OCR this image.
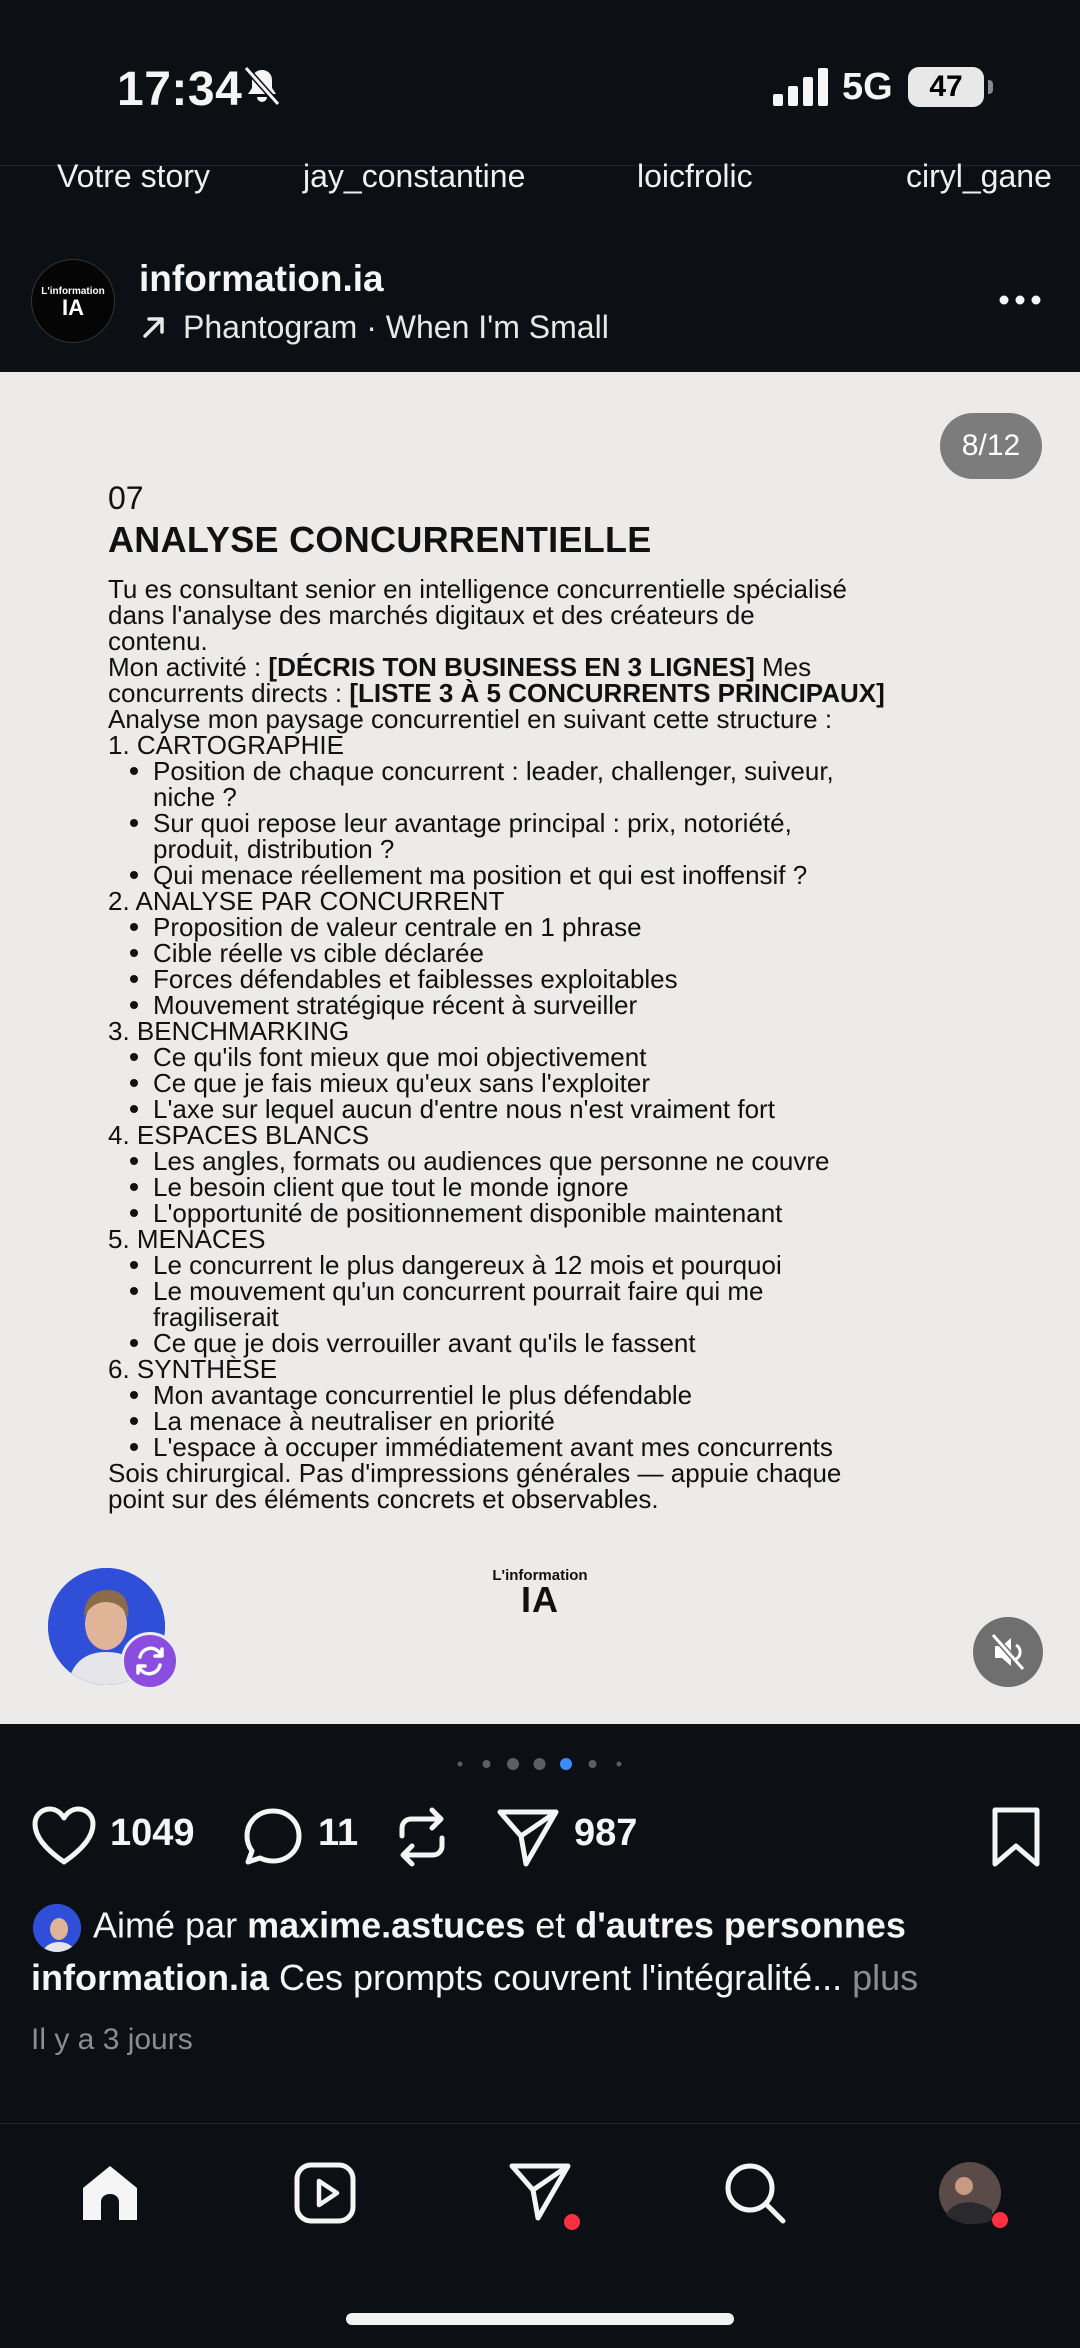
17:34	5G	47
Votre story	jay_constantine	loicfrolic	ciryl_gane
L'information
IA
information.ia
Phantogram · When I'm Small
8/12
07
ANALYSE CONCURRENTIELLE
Tu es consultant senior en intelligence concurrentielle spécialisé
dans l'analyse des marchés digitaux et des créateurs de
contenu.
Mon activité : [DÉCRIS TON BUSINESS EN 3 LIGNES] Mes
concurrents directs : [LISTE 3 À 5 CONCURRENTS PRINCIPAUX]
Analyse mon paysage concurrentiel en suivant cette structure :
1. CARTOGRAPHIE
Position de chaque concurrent : leader, challenger, suiveur,
niche ?
Sur quoi repose leur avantage principal : prix, notoriété,
produit, distribution ?
Qui menace réellement ma position et qui est inoffensif ?
2. ANALYSE PAR CONCURRENT
Proposition de valeur centrale en 1 phrase
Cible réelle vs cible déclarée
Forces défendables et faiblesses exploitables
Mouvement stratégique récent à surveiller
3. BENCHMARKING
Ce qu'ils font mieux que moi objectivement
Ce que je fais mieux qu'eux sans l'exploiter
L'axe sur lequel aucun d'entre nous n'est vraiment fort
4. ESPACES BLANCS
Les angles, formats ou audiences que personne ne couvre
Le besoin client que tout le monde ignore
L'opportunité de positionnement disponible maintenant
5. MENACES
Le concurrent le plus dangereux à 12 mois et pourquoi
Le mouvement qu'un concurrent pourrait faire qui me
fragiliserait
Ce que je dois verrouiller avant qu'ils le fassent
6. SYNTHÈSE
Mon avantage concurrentiel le plus défendable
La menace à neutraliser en priorité
L'espace à occuper immédiatement avant mes concurrents
Sois chirurgical. Pas d'impressions générales — appuie chaque
point sur des éléments concrets et observables.
L'information
IA
1049	11	987
Aimé par maxime.astuces et d'autres personnes
information.ia Ces prompts couvrent l'intégralité... plus
Il y a 3 jours
